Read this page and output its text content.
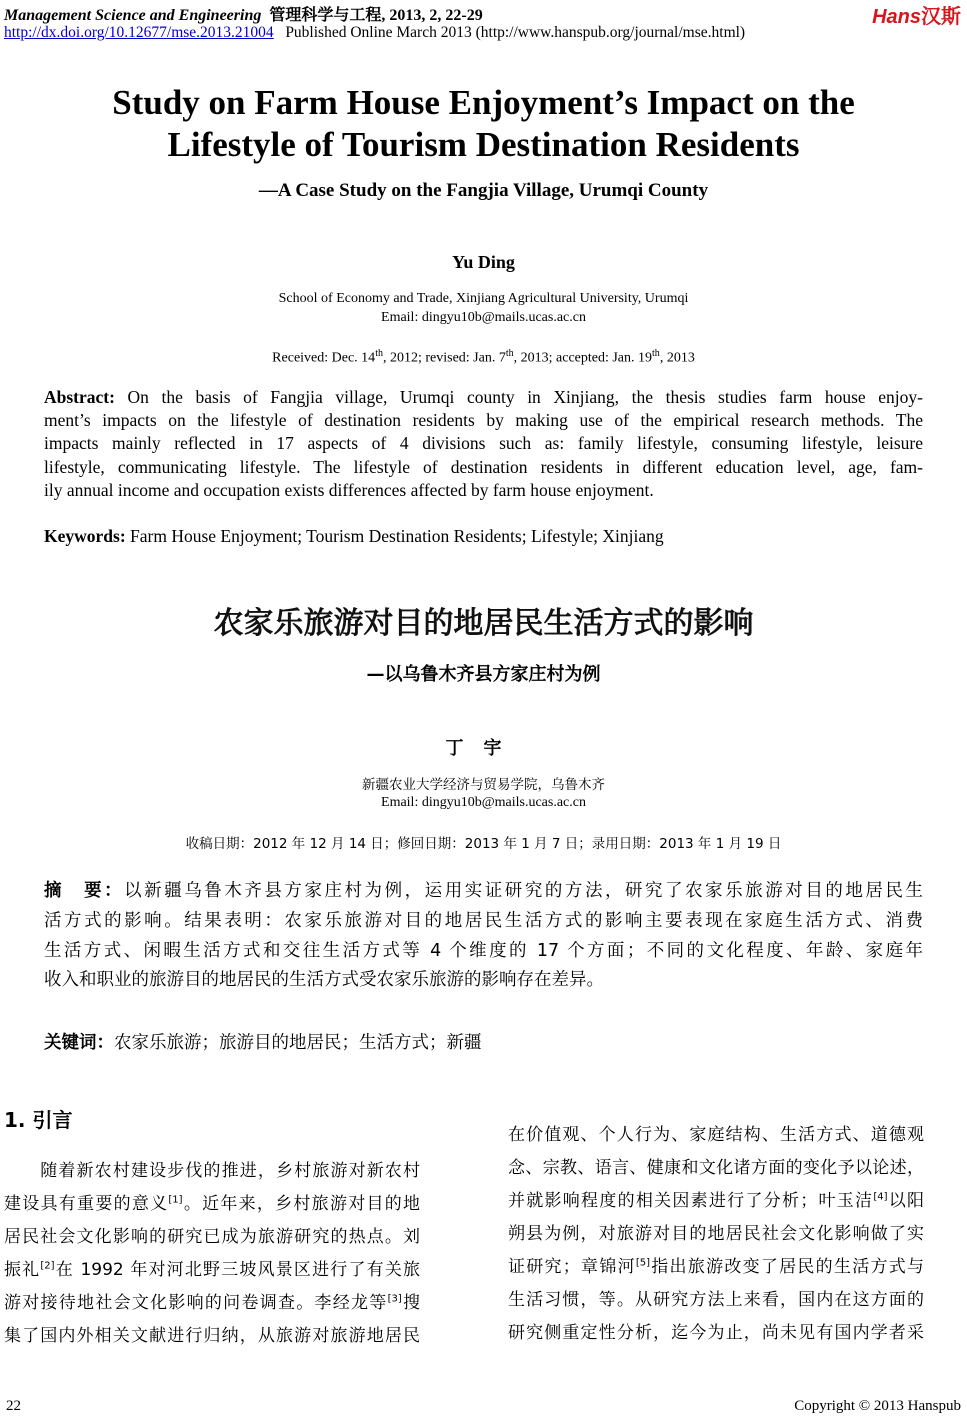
Management Science and Engineering 管理科学与工程, 2013, 2, 22-29
http://dx.doi.org/10.12677/mse.2013.21004 Published Online March 2013 (http://www.hanspub.org/journal/mse.html)
Hans汉斯
Study on Farm House Enjoyment’s Impact on the
Lifestyle of Tourism Destination Residents
—A Case Study on the Fangjia Village, Urumqi County
Yu Ding
School of Economy and Trade, Xinjiang Agricultural University, Urumqi
Email: dingyu10b@mails.ucas.ac.cn
Received: Dec. 14th, 2012; revised: Jan. 7th, 2013; accepted: Jan. 19th, 2013
Abstract: On the basis of Fangjia village, Urumqi county in Xinjiang, the thesis studies farm house enjoy-
ment’s impacts on the lifestyle of destination residents by making use of the empirical research methods. The
impacts mainly reflected in 17 aspects of 4 divisions such as: family lifestyle, consuming lifestyle, leisure
lifestyle, communicating lifestyle. The lifestyle of destination residents in different education level, age, fam-
ily annual income and occupation exists differences affected by farm house enjoyment.
Keywords: Farm House Enjoyment; Tourism Destination Residents; Lifestyle; Xinjiang
农家乐旅游对目的地居民生活方式的影响
—以乌鲁木齐县方家庄村为例
丁宇
新疆农业大学经济与贸易学院，乌鲁木齐
Email: dingyu10b@mails.ucas.ac.cn
收稿日期：2012 年 12 月 14 日；修回日期：2013 年 1 月 7 日；录用日期：2013 年 1 月 19 日
摘　要：以新疆乌鲁木齐县方家庄村为例，运用实证研究的方法，研究了农家乐旅游对目的地居民生
活方式的影响。结果表明：农家乐旅游对目的地居民生活方式的影响主要表现在家庭生活方式、消费
生活方式、闲暇生活方式和交往生活方式等 4 个维度的 17 个方面；不同的文化程度、年龄、家庭年
收入和职业的旅游目的地居民的生活方式受农家乐旅游的影响存在差异。
关键词：农家乐旅游；旅游目的地居民；生活方式；新疆
1. 引言
　　随着新农村建设步伐的推进，乡村旅游对新农村
建设具有重要的意义[1]。近年来，乡村旅游对目的地
居民社会文化影响的研究已成为旅游研究的热点。刘
振礼[2]在 1992 年对河北野三坡风景区进行了有关旅
游对接待地社会文化影响的问卷调查。李经龙等[3]搜
集了国内外相关文献进行归纳，从旅游对旅游地居民
在价值观、个人行为、家庭结构、生活方式、道德观
念、宗教、语言、健康和文化诸方面的变化予以论述，
并就影响程度的相关因素进行了分析；叶玉洁[4]以阳
朔县为例，对旅游对目的地居民社会文化影响做了实
证研究；章锦河[5]指出旅游改变了居民的生活方式与
生活习惯，等。从研究方法上来看，国内在这方面的
研究侧重定性分析，迄今为止，尚未见有国内学者采
22	Copyright © 2013 Hanspub
